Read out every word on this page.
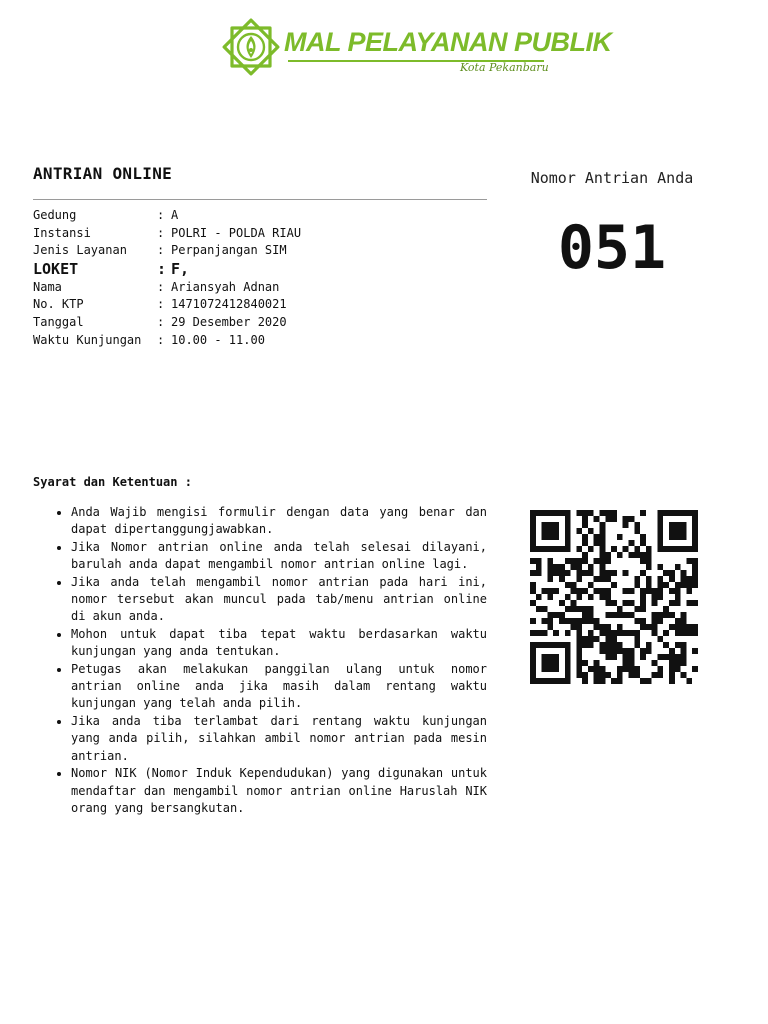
MAL PELAYANAN PUBLIK
Kota Pekanbaru
ANTRIAN ONLINE
Gedung	: A
Instansi	: POLRI - POLDA RIAU
Jenis Layanan	: Perpanjangan SIM
LOKET	: F,
Nama	: Ariansyah Adnan
No. KTP	: 1471072412840021
Tanggal	: 29 Desember 2020
Waktu Kunjungan	: 10.00 - 11.00
Nomor Antrian Anda
051
Syarat dan Ketentuan :
• Anda Wajib mengisi formulir dengan data yang benar dan dapat dipertanggungjawabkan.
• Jika Nomor antrian online anda telah selesai dilayani, barulah anda dapat mengambil nomor antrian online lagi.
• Jika anda telah mengambil nomor antrian pada hari ini, nomor tersebut akan muncul pada tab/menu antrian online di akun anda.
• Mohon untuk dapat tiba tepat waktu berdasarkan waktu kunjungan yang anda tentukan.
• Petugas akan melakukan panggilan ulang untuk nomor antrian online anda jika masih dalam rentang waktu kunjungan yang telah anda pilih.
• Jika anda tiba terlambat dari rentang waktu kunjungan yang anda pilih, silahkan ambil nomor antrian pada mesin antrian.
• Nomor NIK (Nomor Induk Kependudukan) yang digunakan untuk mendaftar dan mengambil nomor antrian online Haruslah NIK orang yang bersangkutan.
